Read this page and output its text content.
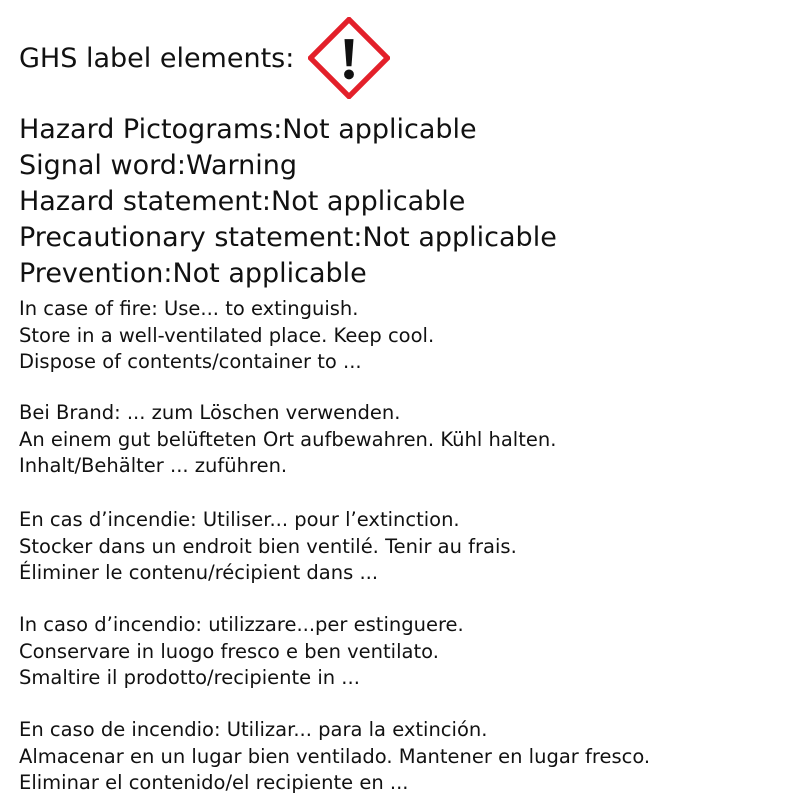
GHS label elements:
Hazard Pictograms:Not applicable
Signal word:Warning
Hazard statement:Not applicable
Precautionary statement:Not applicable
Prevention:Not applicable
In case of fire: Use... to extinguish.
Store in a well-ventilated place. Keep cool.
Dispose of contents/container to ...
Bei Brand: ... zum Löschen verwenden.
An einem gut belüfteten Ort aufbewahren. Kühl halten.
Inhalt/Behälter ... zuführen.
En cas d’incendie: Utiliser... pour l’extinction.
Stocker dans un endroit bien ventilé. Tenir au frais.
Éliminer le contenu/récipient dans ...
In caso d’incendio: utilizzare...per estinguere.
Conservare in luogo fresco e ben ventilato.
Smaltire il prodotto/recipiente in ...
En caso de incendio: Utilizar... para la extinción.
Almacenar en un lugar bien ventilado. Mantener en lugar fresco.
Eliminar el contenido/el recipiente en ...
